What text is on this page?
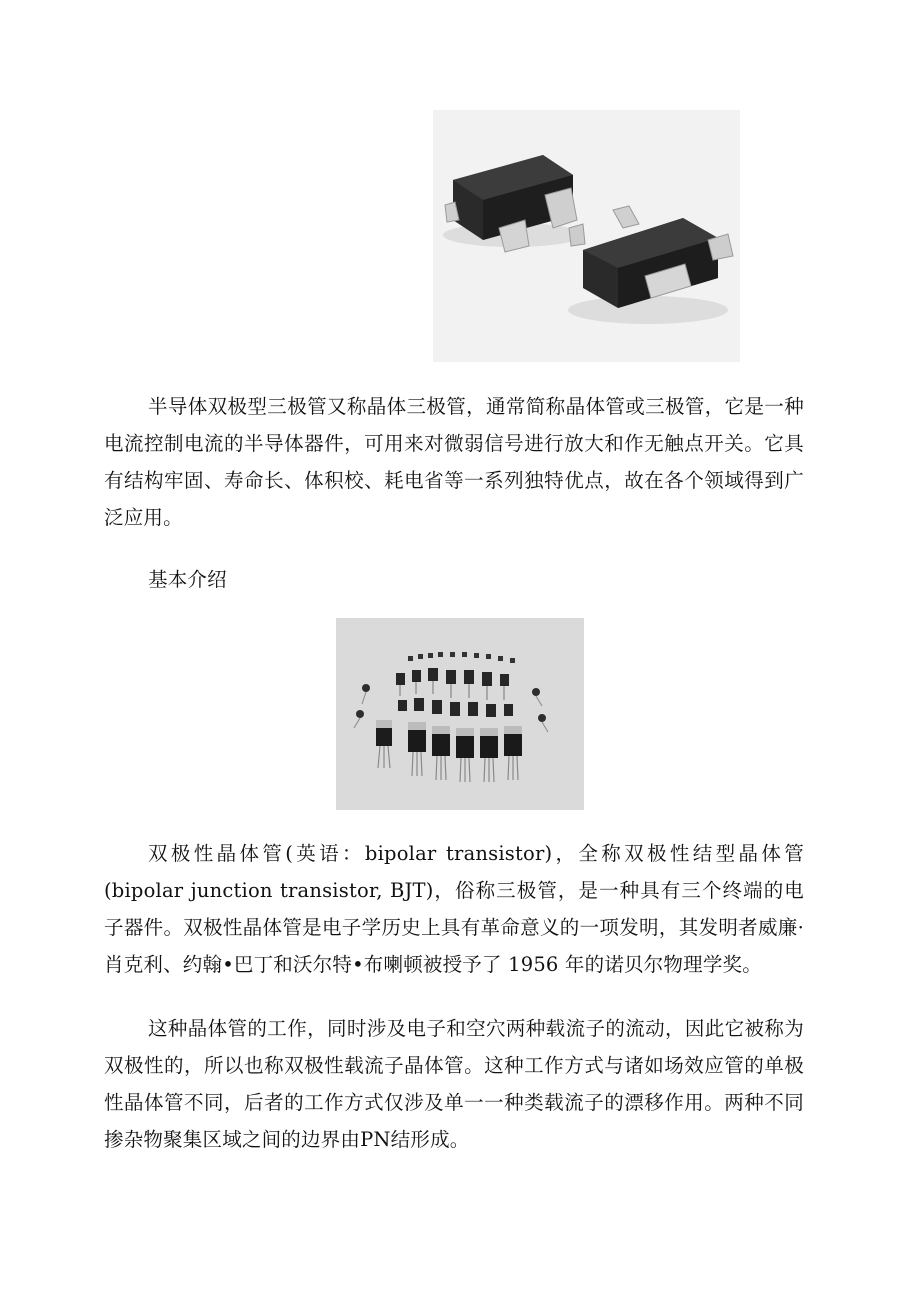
半导体双极型三极管又称晶体三极管，通常简称晶体管或三极管，它是一种电流控制电流的半导体器件，可用来对微弱信号进行放大和作无触点开关。它具有结构牢固、寿命长、体积校、耗电省等一系列独特优点，故在各个领域得到广泛应用。

基本介绍

双极性晶体管(英语：bipolar transistor)，全称双极性结型晶体管(bipolar junction transistor, BJT)，俗称三极管，是一种具有三个终端的电子器件。双极性晶体管是电子学历史上具有革命意义的一项发明，其发明者威廉·肖克利、约翰•巴丁和沃尔特•布喇顿被授予了 1956 年的诺贝尔物理学奖。

这种晶体管的工作，同时涉及电子和空穴两种载流子的流动，因此它被称为双极性的，所以也称双极性载流子晶体管。这种工作方式与诸如场效应管的单极性晶体管不同，后者的工作方式仅涉及单一一种类载流子的漂移作用。两种不同掺杂物聚集区域之间的边界由PN结形成。
